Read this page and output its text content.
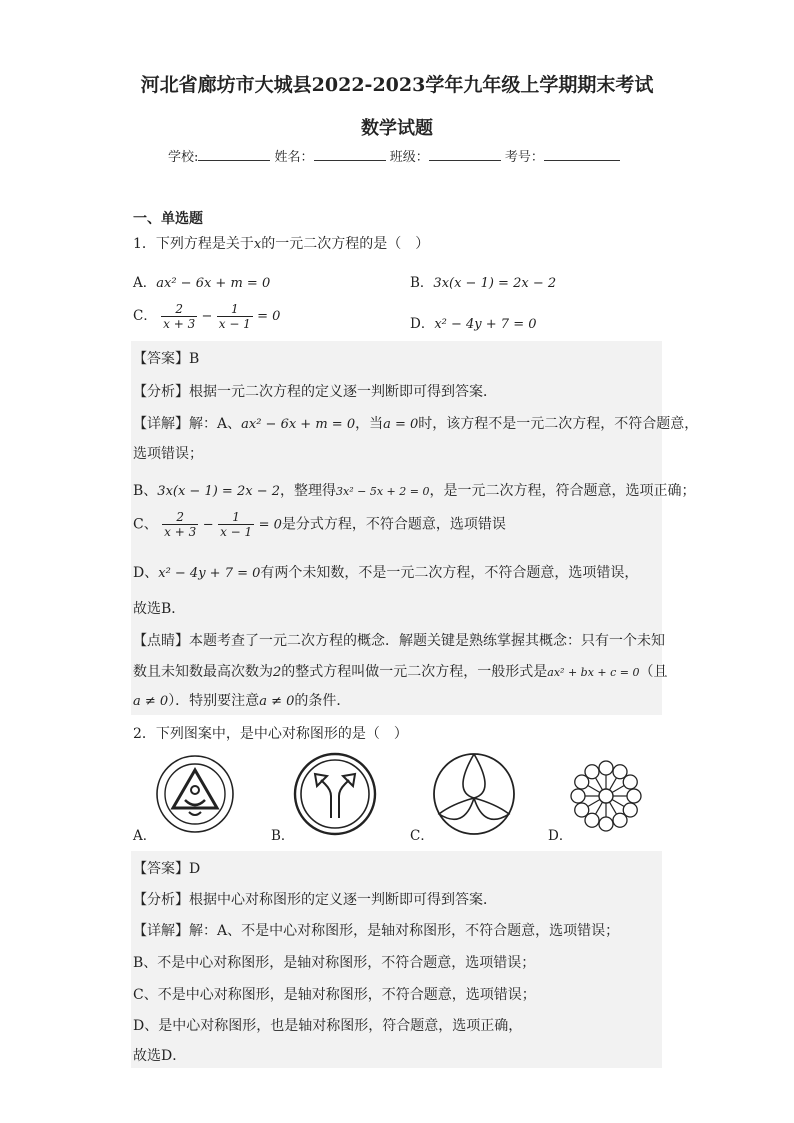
河北省廊坊市大城县2022-2023学年九年级上学期期末考试
数学试题
学校:	姓名：	班级：	考号：
一、单选题
1．下列方程是关于x的一元二次方程的是（　）
A．ax² − 6x + m = 0	B．3x(x − 1) = 2x − 2
C． $\frac{2}{x + 3} - \frac{1}{x - 1} = 0$	D．x² − 4y + 7 = 0
【答案】B
【分析】根据一元二次方程的定义逐一判断即可得到答案．
【详解】解：A、ax² − 6x + m = 0，当a = 0时，该方程不是一元二次方程，不符合题意，
选项错误；
B、3x(x − 1) = 2x − 2，整理得3x² − 5x + 2 = 0，是一元二次方程，符合题意，选项正确；
C、 $\frac{2}{x + 3} - \frac{1}{x - 1} = 0$是分式方程，不符合题意，选项错误
D、x² − 4y + 7 = 0有两个未知数，不是一元二次方程，不符合题意，选项错误，
故选B．
【点睛】本题考查了一元二次方程的概念．解题关键是熟练掌握其概念：只有一个未知
数且未知数最高次数为2的整式方程叫做一元二次方程，一般形式是ax² + bx + c = 0（且
a ≠ 0）．特别要注意a ≠ 0的条件．
2．下列图案中，是中心对称图形的是（　）
A．	B．	C．	D．
【答案】D
【分析】根据中心对称图形的定义逐一判断即可得到答案．
【详解】解：A、不是中心对称图形，是轴对称图形，不符合题意，选项错误；
B、不是中心对称图形，是轴对称图形，不符合题意，选项错误；
C、不是中心对称图形，是轴对称图形，不符合题意，选项错误；
D、是中心对称图形，也是轴对称图形，符合题意，选项正确，
故选D．
